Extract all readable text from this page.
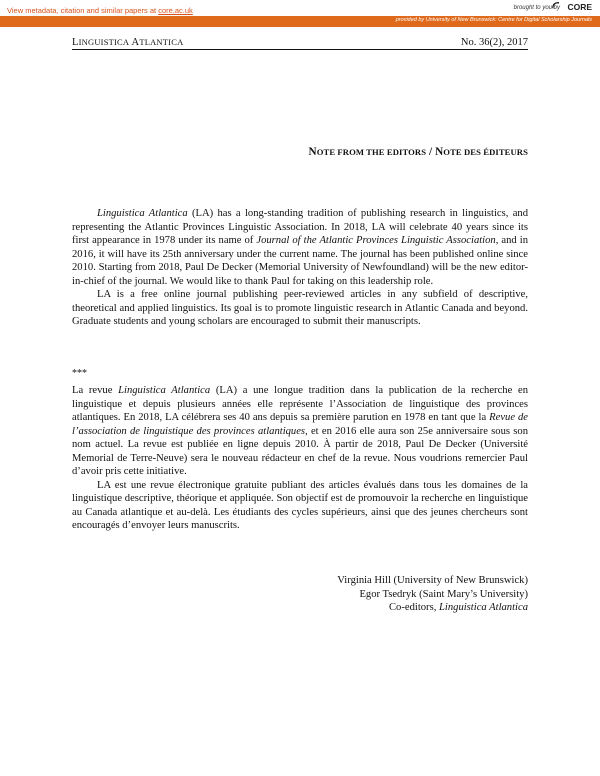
View metadata, citation and similar papers at core.ac.uk	brought to you by CORE
provided by University of New Brunswick: Centre for Digital Scholarship Journals
LINGUISTICA ATLANTICA	No. 36(2), 2017
NOTE FROM THE EDITORS / NOTE DES ÉDITEURS

Linguistica Atlantica (LA) has a long-standing tradition of publishing research in linguistics, and representing the Atlantic Provinces Linguistic Association. In 2018, LA will celebrate 40 years since its first appearance in 1978 under its name of Journal of the Atlantic Provinces Linguistic Association, and in 2016, it will have its 25th anniversary under the current name. The journal has been published online since 2010. Starting from 2018, Paul De Decker (Memorial University of Newfoundland) will be the new editor-in-chief of the journal. We would like to thank Paul for taking on this leadership role.

LA is a free online journal publishing peer-reviewed articles in any subfield of descriptive, theoretical and applied linguistics. Its goal is to promote linguistic research in Atlantic Canada and beyond. Graduate students and young scholars are encouraged to submit their manuscripts.

***

La revue Linguistica Atlantica (LA) a une longue tradition dans la publication de la recherche en linguistique et depuis plusieurs années elle représente l’Association de linguistique des provinces atlantiques. En 2018, LA célébrera ses 40 ans depuis sa première parution en 1978 en tant que la Revue de l’association de linguistique des provinces atlantiques, et en 2016 elle aura son 25e anniversaire sous son nom actuel. La revue est publiée en ligne depuis 2010. À partir de 2018, Paul De Decker (Université Memorial de Terre-Neuve) sera le nouveau rédacteur en chef de la revue. Nous voudrions remercier Paul d’avoir pris cette initiative.

LA est une revue électronique gratuite publiant des articles évalués dans tous les domaines de la linguistique descriptive, théorique et appliquée. Son objectif est de promouvoir la recherche en linguistique au Canada atlantique et au-delà. Les étudiants des cycles supérieurs, ainsi que des jeunes chercheurs sont encouragés d’envoyer leurs manuscrits.

Virginia Hill (University of New Brunswick)
Egor Tsedryk (Saint Mary’s University)
Co-editors, Linguistica Atlantica
